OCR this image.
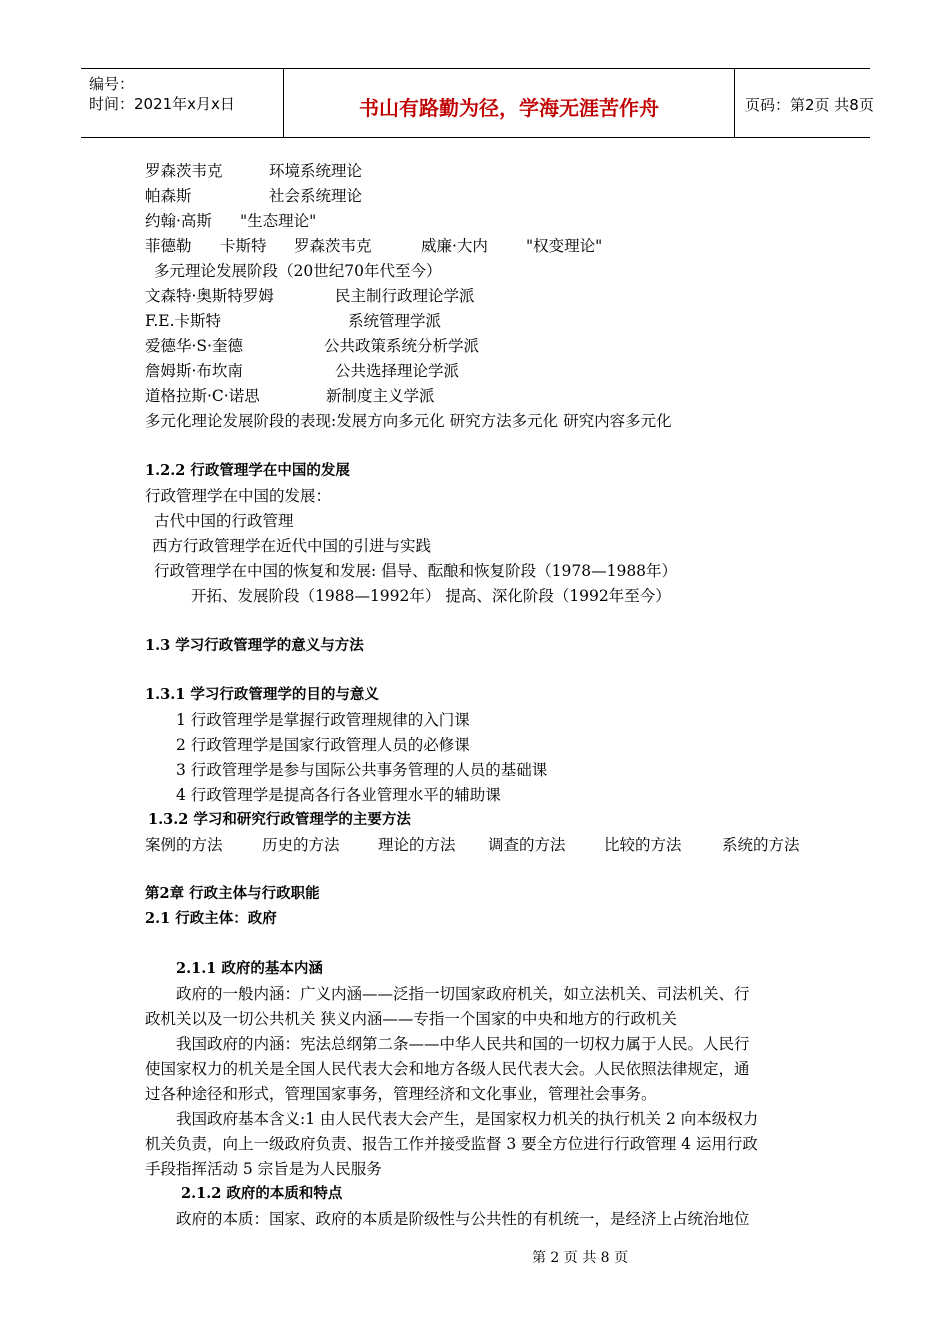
编号：
时间：2021年x月x日	书山有路勤为径，学海无涯苦作舟	页码：第2页 共8页
罗森茨韦克	环境系统理论
帕森斯	社会系统理论
约翰·高斯 "生态理论"
菲德勒 卡斯特 罗森茨韦克	威廉·大内 "权变理论"
多元理论发展阶段（20世纪70年代至今）
文森特·奥斯特罗姆	民主制行政理论学派
F.E.卡斯特	系统管理学派
爱德华·S·奎德	公共政策系统分析学派
詹姆斯·布坎南	公共选择理论学派
道格拉斯·C·诺思	新制度主义学派
多元化理论发展阶段的表现:发展方向多元化 研究方法多元化 研究内容多元化
1.2.2 行政管理学在中国的发展
行政管理学在中国的发展：
古代中国的行政管理
西方行政管理学在近代中国的引进与实践
行政管理学在中国的恢复和发展: 倡导、酝酿和恢复阶段（1978—1988年）
开拓、发展阶段（1988—1992年） 提高、深化阶段（1992年至今）
1.3 学习行政管理学的意义与方法
1.3.1 学习行政管理学的目的与意义
1 行政管理学是掌握行政管理规律的入门课
2 行政管理学是国家行政管理人员的必修课
3 行政管理学是参与国际公共事务管理的人员的基础课
4 行政管理学是提高各行各业管理水平的辅助课
1.3.2 学习和研究行政管理学的主要方法
案例的方法	历史的方法 理论的方法 调查的方法 比较的方法	系统的方法
第2章 行政主体与行政职能
2.1 行政主体：政府
2.1.1 政府的基本内涵
政府的一般内涵：广义内涵——泛指一切国家政府机关，如立法机关、司法机关、行
政机关以及一切公共机关 狭义内涵——专指一个国家的中央和地方的行政机关
我国政府的内涵：宪法总纲第二条——中华人民共和国的一切权力属于人民。人民行
使国家权力的机关是全国人民代表大会和地方各级人民代表大会。人民依照法律规定，通
过各种途径和形式，管理国家事务，管理经济和文化事业，管理社会事务。
我国政府基本含义:1 由人民代表大会产生，是国家权力机关的执行机关 2 向本级权力
机关负责，向上一级政府负责、报告工作并接受监督 3 要全方位进行行政管理 4 运用行政
手段指挥活动 5 宗旨是为人民服务
2.1.2 政府的本质和特点
政府的本质：国家、政府的本质是阶级性与公共性的有机统一，是经济上占统治地位
第 2 页 共 8 页
